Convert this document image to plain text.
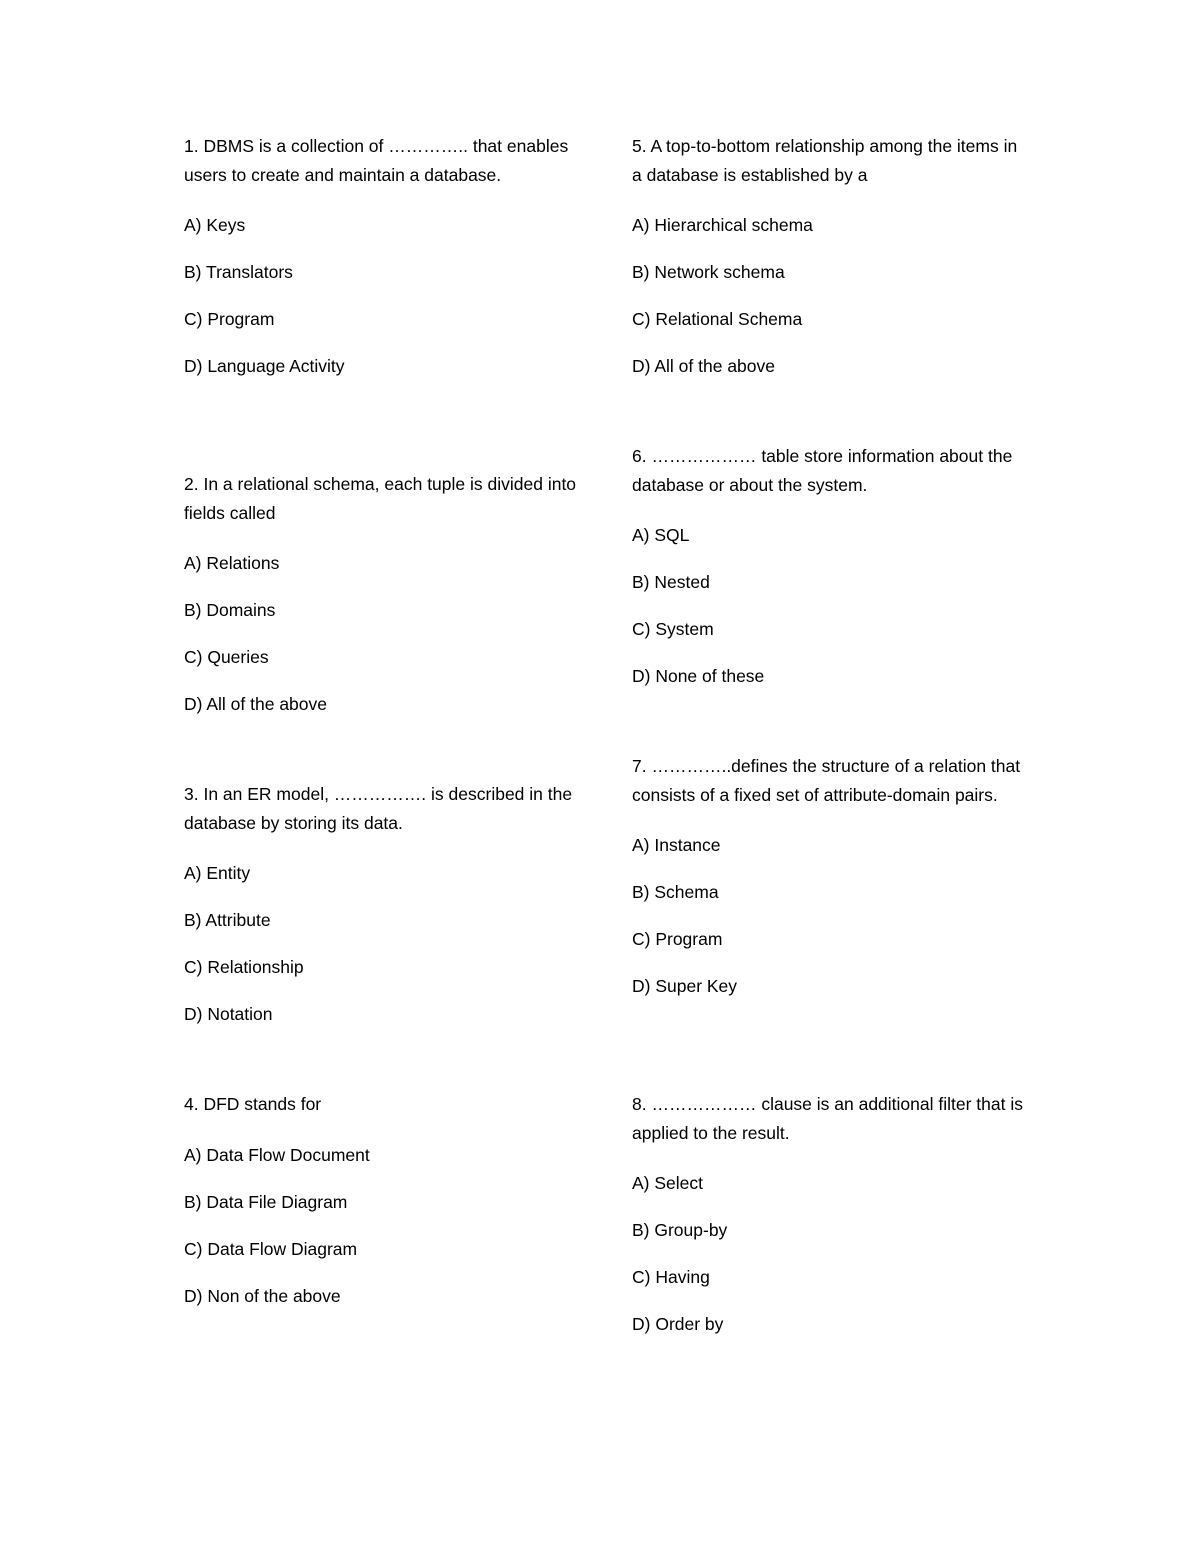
1. DBMS is a collection of ………….. that enables users to create and maintain a database.

A) Keys

B) Translators

C) Program

D) Language Activity

2. In a relational schema, each tuple is divided into fields called

A) Relations

B) Domains

C) Queries

D) All of the above

3. In an ER model, ……………. is described in the database by storing its data.

A) Entity

B) Attribute

C) Relationship

D) Notation

4. DFD stands for

A) Data Flow Document

B) Data File Diagram

C) Data Flow Diagram

D) Non of the above

5. A top-to-bottom relationship among the items in a database is established by a

A) Hierarchical schema

B) Network schema

C) Relational Schema

D) All of the above

6. ……………… table store information about the database or about the system.

A) SQL

B) Nested

C) System

D) None of these

7. …………..defines the structure of a relation that consists of a fixed set of attribute-domain pairs.

A) Instance

B) Schema

C) Program

D) Super Key

8. ……………… clause is an additional filter that is applied to the result.

A) Select

B) Group-by

C) Having

D) Order by
